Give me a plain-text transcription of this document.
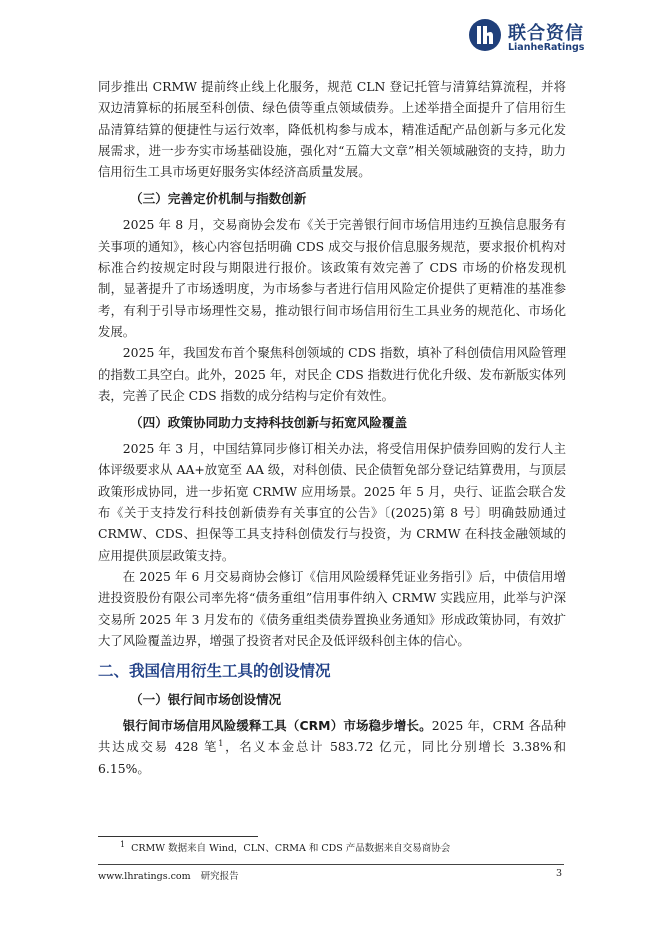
联合资信
LianheRatings

同步推出 CRMW 提前终止线上化服务，规范 CLN 登记托管与清算结算流程，并将双边清算标的拓展至科创债、绿色债等重点领域债券。上述举措全面提升了信用衍生品清算结算的便捷性与运行效率，降低机构参与成本，精准适配产品创新与多元化发展需求，进一步夯实市场基础设施，强化对“五篇大文章”相关领域融资的支持，助力信用衍生工具市场更好服务实体经济高质量发展。

（三）完善定价机制与指数创新

2025 年 8 月，交易商协会发布《关于完善银行间市场信用违约互换信息服务有关事项的通知》，核心内容包括明确 CDS 成交与报价信息服务规范，要求报价机构对标准合约按规定时段与期限进行报价。该政策有效完善了 CDS 市场的价格发现机制，显著提升了市场透明度，为市场参与者进行信用风险定价提供了更精准的基准参考，有利于引导市场理性交易，推动银行间市场信用衍生工具业务的规范化、市场化发展。

2025 年，我国发布首个聚焦科创领域的 CDS 指数，填补了科创债信用风险管理的指数工具空白。此外，2025 年，对民企 CDS 指数进行优化升级、发布新版实体列表，完善了民企 CDS 指数的成分结构与定价有效性。

（四）政策协同助力支持科技创新与拓宽风险覆盖

2025 年 3 月，中国结算同步修订相关办法，将受信用保护债券回购的发行人主体评级要求从 AA+放宽至 AA 级，对科创债、民企债暂免部分登记结算费用，与顶层政策形成协同，进一步拓宽 CRMW 应用场景。2025 年 5 月，央行、证监会联合发布《关于支持发行科技创新债券有关事宜的公告》〔(2025)第 8 号〕明确鼓励通过 CRMW、CDS、担保等工具支持科创债发行与投资，为 CRMW 在科技金融领域的应用提供顶层政策支持。

在 2025 年 6 月交易商协会修订《信用风险缓释凭证业务指引》后，中债信用增进投资股份有限公司率先将“债务重组”信用事件纳入 CRMW 实践应用，此举与沪深交易所 2025 年 3 月发布的《债务重组类债券置换业务通知》形成政策协同，有效扩大了风险覆盖边界，增强了投资者对民企及低评级科创主体的信心。

二、我国信用衍生工具的创设情况
（一）银行间市场创设情况

银行间市场信用风险缓释工具（CRM）市场稳步增长。2025 年，CRM 各品种共达成交易 428 笔$^1$，名义本金总计 583.72 亿元，同比分别增长 3.38%和 6.15%。

$^1$ CRMW 数据来自 Wind，CLN、CRMA 和 CDS 产品数据来自交易商协会
www.lhratings.com 研究报告	3
